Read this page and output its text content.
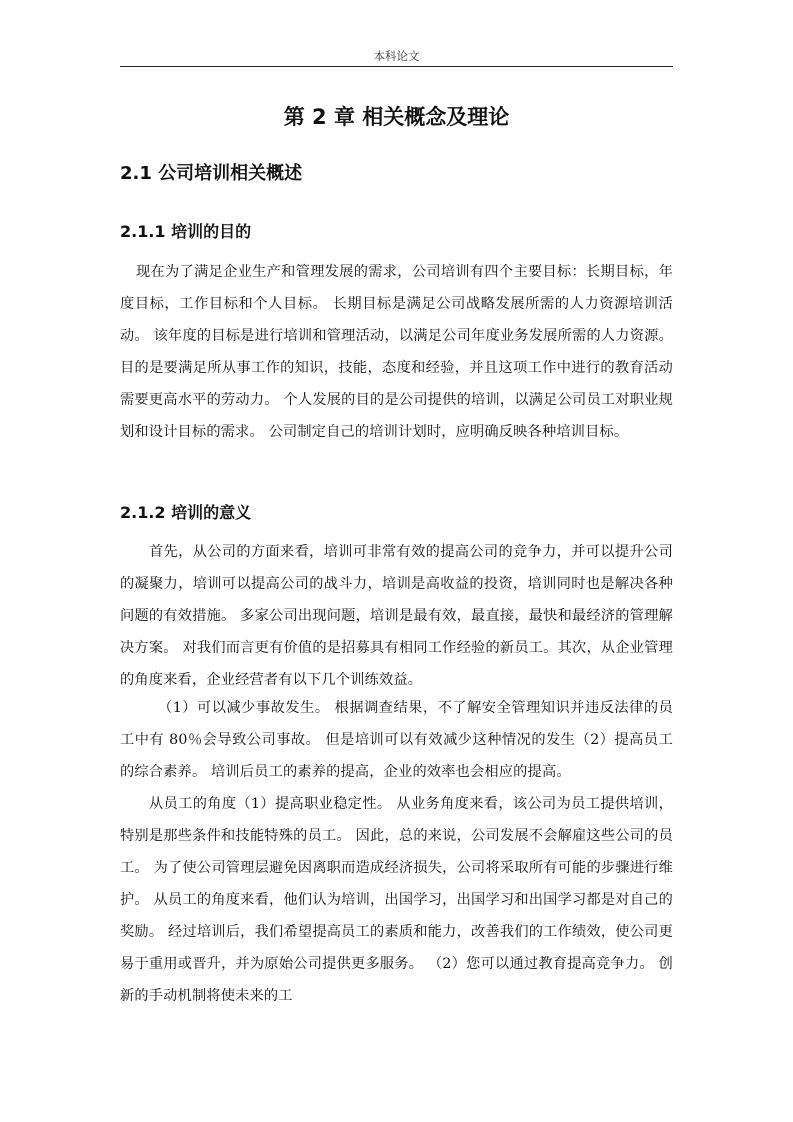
本科论文
第 2 章 相关概念及理论
2.1 公司培训相关概述
2.1.1 培训的目的

现在为了满足企业生产和管理发展的需求，公司培训有四个主要目标：长期目标，年度目标，工作目标和个人目标。 长期目标是满足公司战略发展所需的人力资源培训活动。 该年度的目标是进行培训和管理活动，以满足公司年度业务发展所需的人力资源。 目的是要满足所从事工作的知识，技能，态度和经验，并且这项工作中进行的教育活动需要更高水平的劳动力。 个人发展的目的是公司提供的培训，以满足公司员工对职业规划和设计目标的需求。 公司制定自己的培训计划时，应明确反映各种培训目标。

2.1.2 培训的意义

首先，从公司的方面来看，培训可非常有效的提高公司的竞争力，并可以提升公司的凝聚力，培训可以提高公司的战斗力，培训是高收益的投资，培训同时也是解决各种问题的有效措施。 多家公司出现问题，培训是最有效，最直接，最快和最经济的管理解决方案。 对我们而言更有价值的是招募具有相同工作经验的新员工。其次，从企业管理的角度来看，企业经营者有以下几个训练效益。

（1）可以减少事故发生。 根据调查结果，不了解安全管理知识并违反法律的员工中有 80％会导致公司事故。 但是培训可以有效减少这种情况的发生（2）提高员工的综合素养。 培训后员工的素养的提高，企业的效率也会相应的提高。

从员工的角度（1）提高职业稳定性。 从业务角度来看，该公司为员工提供培训，特别是那些条件和技能特殊的员工。 因此，总的来说，公司发展不会解雇这些公司的员工。 为了使公司管理层避免因离职而造成经济损失，公司将采取所有可能的步骤进行维护。 从员工的角度来看，他们认为培训，出国学习，出国学习和出国学习都是对自己的奖励。 经过培训后，我们希望提高员工的素质和能力，改善我们的工作绩效，使公司更易于重用或晋升，并为原始公司提供更多服务。 （2）您可以通过教育提高竞争力。 创新的手动机制将使未来的工
